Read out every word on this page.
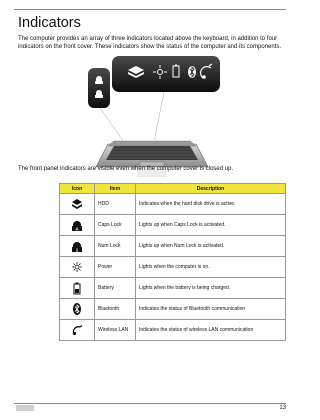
Indicators

The computer provides an array of three indicators located above the keyboard, in addition to four indicators on the front cover. These indicators show the status of the computer and its components.

The front panel indicators are visible even when the computer cover is closed up.

Icon	Item	Description

	HDD	Indicates when the hard disk drive is active.

A	Caps Lock	Lights up when Caps Lock is activated.

1	Num Lock	Lights up when Num Lock is activated.

	Power	Lights when the computer is on.

	Battery	Lights when the battery is being charged.

	Bluetooth	Indicates the status of Bluetooth communication

	Wireless LAN	Indicates the status of wireless LAN communication
13
